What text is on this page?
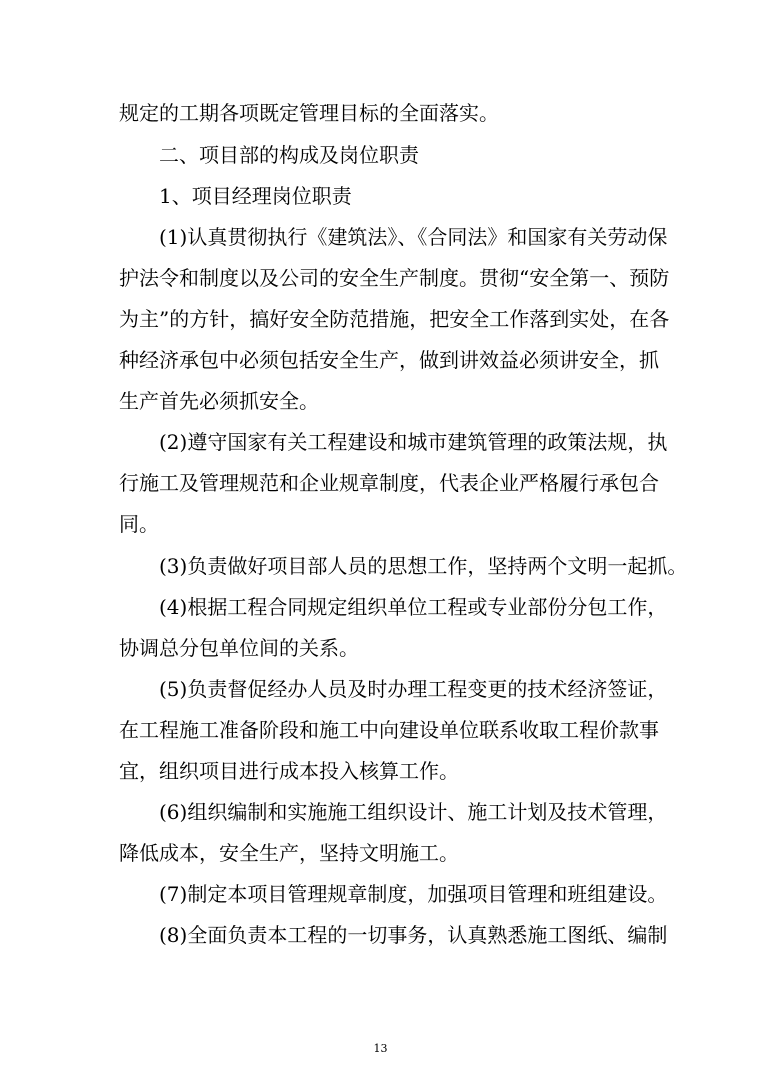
规定的工期各项既定管理目标的全面落实。
二、项目部的构成及岗位职责
1、项目经理岗位职责
(1)认真贯彻执行《建筑法》、《合同法》和国家有关劳动保
护法令和制度以及公司的安全生产制度。贯彻“安全第一、预防
为主”的方针，搞好安全防范措施，把安全工作落到实处，在各
种经济承包中必须包括安全生产，做到讲效益必须讲安全，抓
生产首先必须抓安全。
(2)遵守国家有关工程建设和城市建筑管理的政策法规，执
行施工及管理规范和企业规章制度，代表企业严格履行承包合
同。
(3)负责做好项目部人员的思想工作，坚持两个文明一起抓。
(4)根据工程合同规定组织单位工程或专业部份分包工作，
协调总分包单位间的关系。
(5)负责督促经办人员及时办理工程变更的技术经济签证，
在工程施工准备阶段和施工中向建设单位联系收取工程价款事
宜，组织项目进行成本投入核算工作。
(6)组织编制和实施施工组织设计、施工计划及技术管理，
降低成本，安全生产，坚持文明施工。
(7)制定本项目管理规章制度，加强项目管理和班组建设。
(8)全面负责本工程的一切事务，认真熟悉施工图纸、编制
13
